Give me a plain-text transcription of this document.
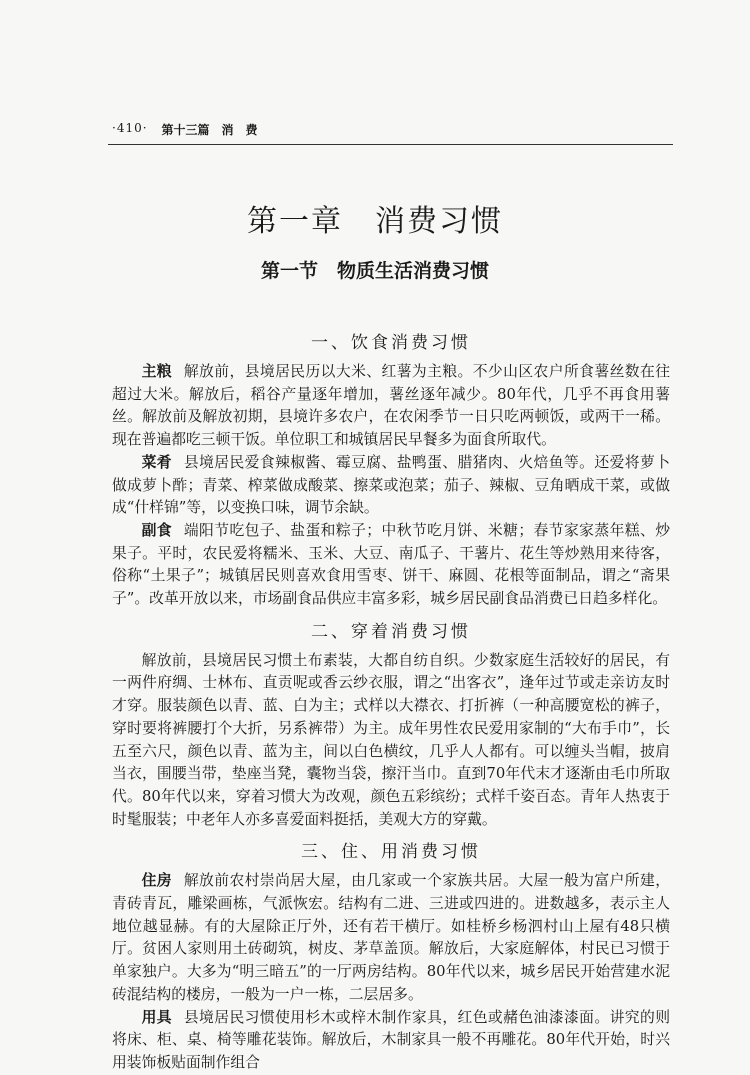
·410· 第十三篇　消　费
第一章　消费习惯
第一节　物质生活消费习惯
一、饮食消费习惯

主粮 解放前，县境居民历以大米、红薯为主粮。不少山区农户所食薯丝数在往超过大米。解放后，稻谷产量逐年增加，薯丝逐年减少。80年代，几乎不再食用薯丝。解放前及解放初期，县境许多农户，在农闲季节一日只吃两顿饭，或两干一稀。现在普遍都吃三顿干饭。单位职工和城镇居民早餐多为面食所取代。

菜肴 县境居民爱食辣椒酱、霉豆腐、盐鸭蛋、腊猪肉、火焙鱼等。还爱将萝卜做成萝卜酢；青菜、榨菜做成酸菜、擦菜或泡菜；茄子、辣椒、豆角晒成干菜，或做成“什样锦”等，以变换口味，调节余缺。

副食 端阳节吃包子、盐蛋和粽子；中秋节吃月饼、米糖；春节家家蒸年糕、炒果子。平时，农民爱将糯米、玉米、大豆、南瓜子、干薯片、花生等炒熟用来待客，俗称“土果子”；城镇居民则喜欢食用雪枣、饼干、麻圆、花根等面制品，谓之“斋果子”。改革开放以来，市场副食品供应丰富多彩，城乡居民副食品消费已日趋多样化。

二、穿着消费习惯

解放前，县境居民习惯土布素装，大都自纺自织。少数家庭生活较好的居民，有一两件府绸、士林布、直贡呢或香云纱衣服，谓之“出客衣”，逢年过节或走亲访友时才穿。服装颜色以青、蓝、白为主；式样以大襟衣、打折裤（一种高腰宽松的裤子，穿时要将裤腰打个大折，另系裤带）为主。成年男性农民爱用家制的“大布手巾”，长五至六尺，颜色以青、蓝为主，间以白色横纹，几乎人人都有。可以缠头当帽，披肩当衣，围腰当带，垫座当凳，囊物当袋，擦汗当巾。直到70年代末才逐渐由毛巾所取代。80年代以来，穿着习惯大为改观，颜色五彩缤纷；式样千姿百态。青年人热衷于时髦服装；中老年人亦多喜爱面料挺括，美观大方的穿戴。

三、住、用消费习惯

住房 解放前农村崇尚居大屋，由几家或一个家族共居。大屋一般为富户所建，青砖青瓦，雕梁画栋，气派恢宏。结构有二进、三进或四进的。进数越多，表示主人地位越显赫。有的大屋除正厅外，还有若干横厅。如桂桥乡杨泗村山上屋有48只横厅。贫困人家则用土砖砌筑，树皮、茅草盖顶。解放后，大家庭解体，村民已习惯于单家独户。大多为“明三暗五”的一厅两房结构。80年代以来，城乡居民开始营建水泥砖混结构的楼房，一般为一户一栋，二层居多。

用具 县境居民习惯使用杉木或梓木制作家具，红色或赭色油漆漆面。讲究的则将床、柜、桌、椅等雕花装饰。解放后，木制家具一般不再雕花。80年代开始，时兴用装饰板贴面制作组合
